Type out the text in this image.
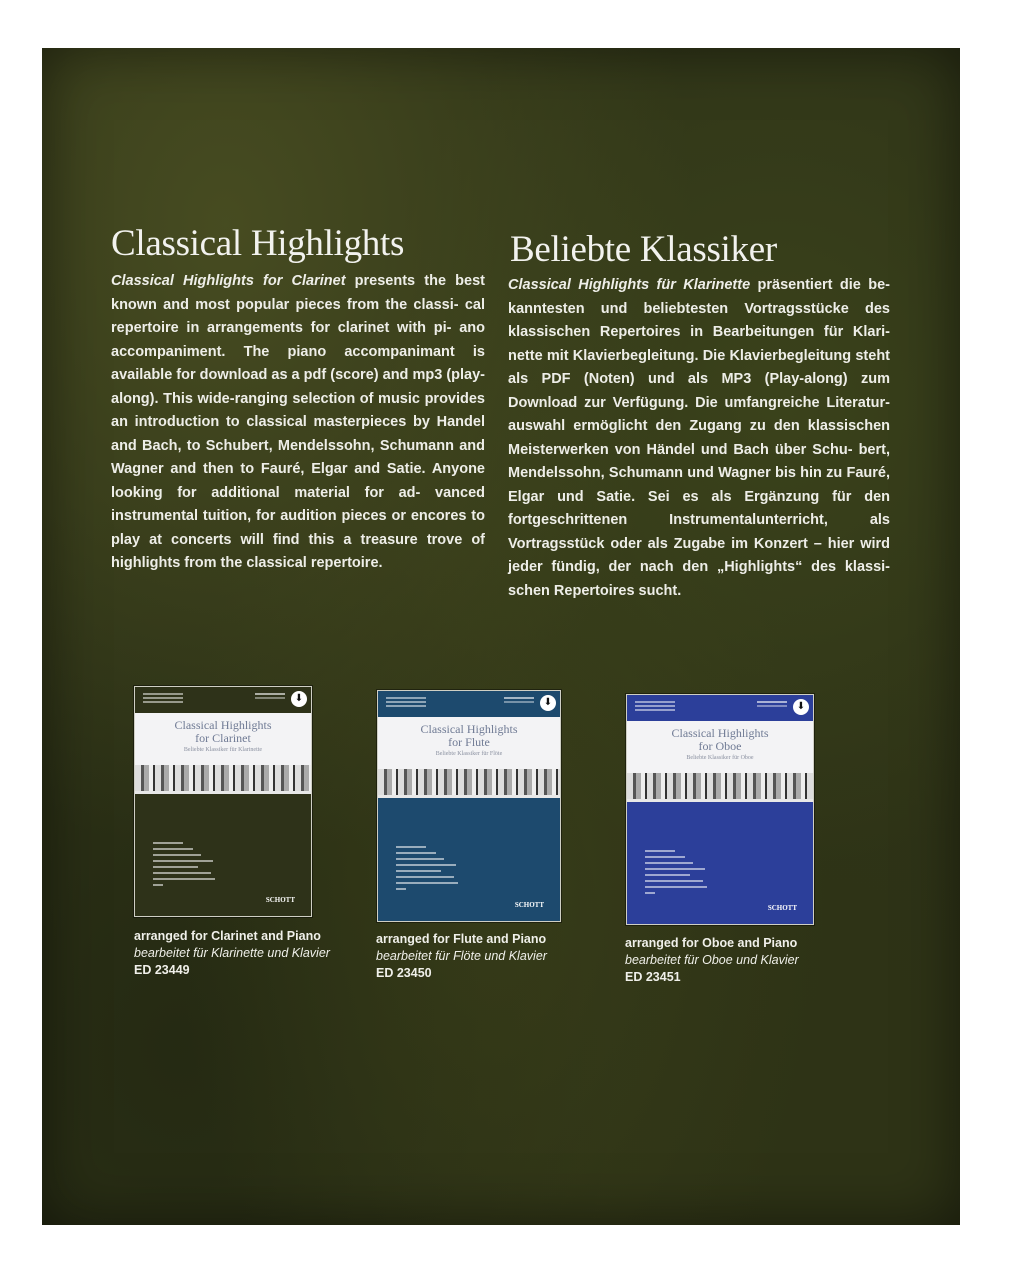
Classical Highlights	Beliebte Klassiker
Classical Highlights for Clarinet presents the best known and most popular pieces from the classi- cal repertoire in arrangements for clarinet with pi- ano accompaniment. The piano accompanimant is available for download as a pdf (score) and mp3 (play-along). This wide-ranging selection of music provides an introduction to classical masterpieces by Handel and Bach, to Schubert, Mendelssohn, Schumann and Wagner and then to Fauré, Elgar and Satie. Anyone looking for additional material for ad- vanced instrumental tuition, for audition pieces or encores to play at concerts will find this a treasure trove of highlights from the classical repertoire.
Classical Highlights für Klarinette präsentiert die be- kanntesten und beliebtesten Vortragsstücke des klassischen Repertoires in Bearbeitungen für Klari- nette mit Klavierbegleitung. Die Klavierbegleitung steht als PDF (Noten) und als MP3 (Play-along) zum Download zur Verfügung. Die umfangreiche Literatur- auswahl ermöglicht den Zugang zu den klassischen Meisterwerken von Händel und Bach über Schu- bert, Mendelssohn, Schumann und Wagner bis hin zu Fauré, Elgar und Satie. Sei es als Ergänzung für den fortgeschrittenen Instrumentalunterricht, als Vortragsstück oder als Zugabe im Konzert – hier wird jeder fündig, der nach den „Highlights“ des klassi- schen Repertoires sucht.
⬇
Classical Highlights
for Clarinet
Beliebte Klassiker für Klarinette
SCHOTT
arranged for Clarinet and Piano
bearbeitet für Klarinette und Klavier
ED 23449
⬇
Classical Highlights
for Flute
Beliebte Klassiker für Flöte
SCHOTT
arranged for Flute and Piano
bearbeitet für Flöte und Klavier
ED 23450
⬇
Classical Highlights
for Oboe
Beliebte Klassiker für Oboe
SCHOTT
arranged for Oboe and Piano
bearbeitet für Oboe und Klavier
ED 23451
